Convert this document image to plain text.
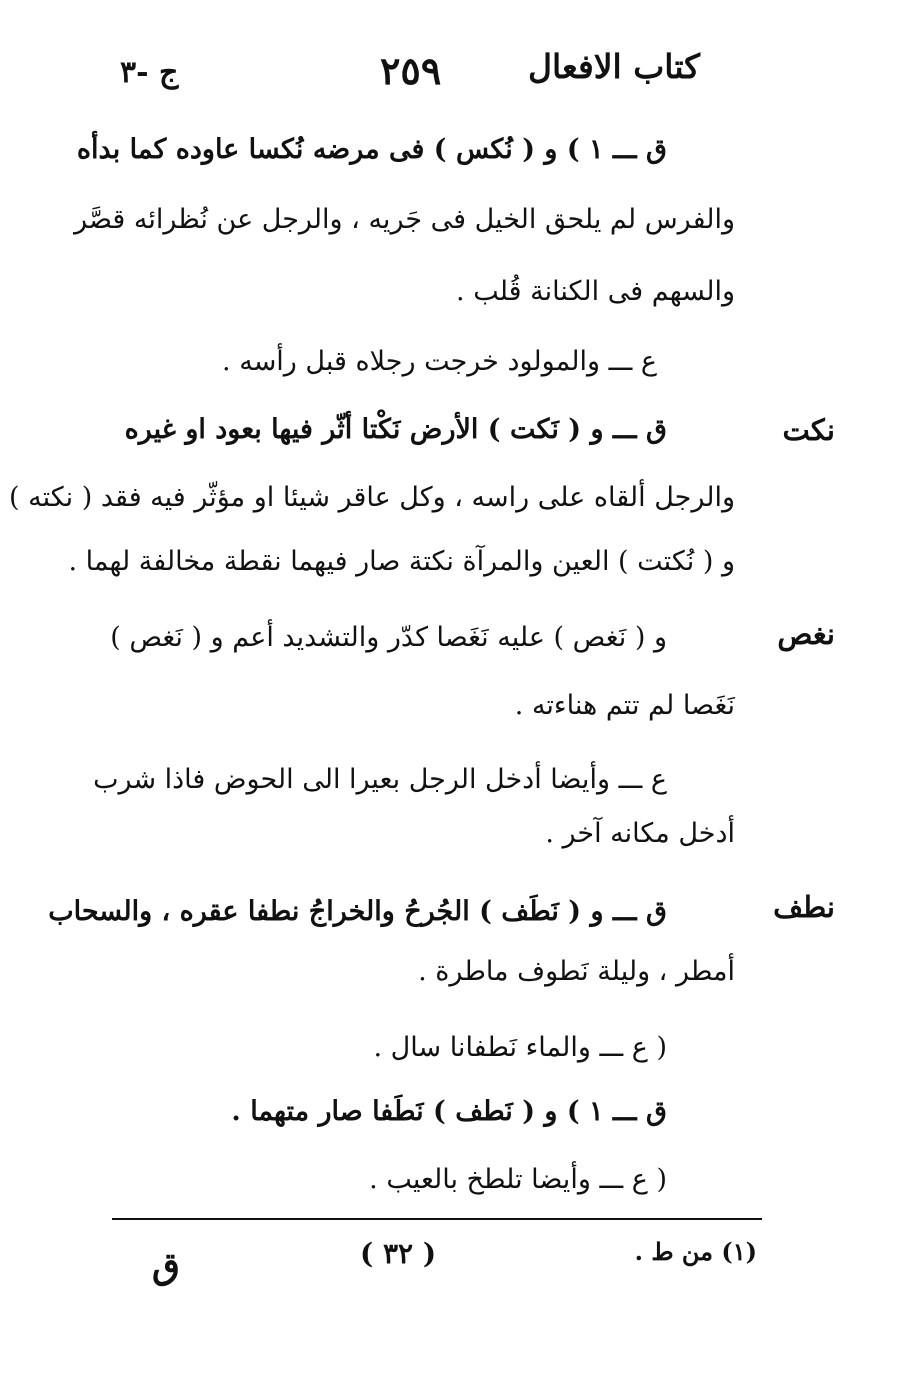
كتاب الافعال
٢٥٩
ج -٣
نكت
نغص
نطف
ق ـــ ١ ) و ( نُكس ) فى مرضه نُكسا عاوده كما بدأه
والفرس لم يلحق الخيل فى جَريه ، والرجل عن نُظرائه قصَّر
والسهم فى الكنانة قُلب .
ع ـــ والمولود خرجت رجلاه قبل رأسه .
ق ـــ و ( نَكت ) الأرض نَكْتا أثّر فيها بعود او غيره
والرجل ألقاه على راسه ، وكل عاقر شيئا او مؤثّر فيه فقد ( نكته )
و ( نُكتت ) العين والمرآة نكتة صار فيهما نقطة مخالفة لهما .
و ( نَغص ) عليه نَغَصا كدّر والتشديد أعم و ( نَغص )
نَغَصا لم تتم هناءته .
ع ـــ وأيضا أدخل الرجل بعيرا الى الحوض فاذا شرب
أدخل مكانه آخر .
ق ـــ و ( نَطَف ) الجُرحُ والخراجُ نطفا عقره ، والسحاب
أمطر ، وليلة نَطوف ماطرة .
( ع ـــ والماء نَطفانا سال .
ق ـــ ١ ) و ( نَطف ) نَطَفا صار متهما .
( ع ـــ وأيضا تلطخ بالعيب .
(١) من ط .
( ٣٢ )
ق
